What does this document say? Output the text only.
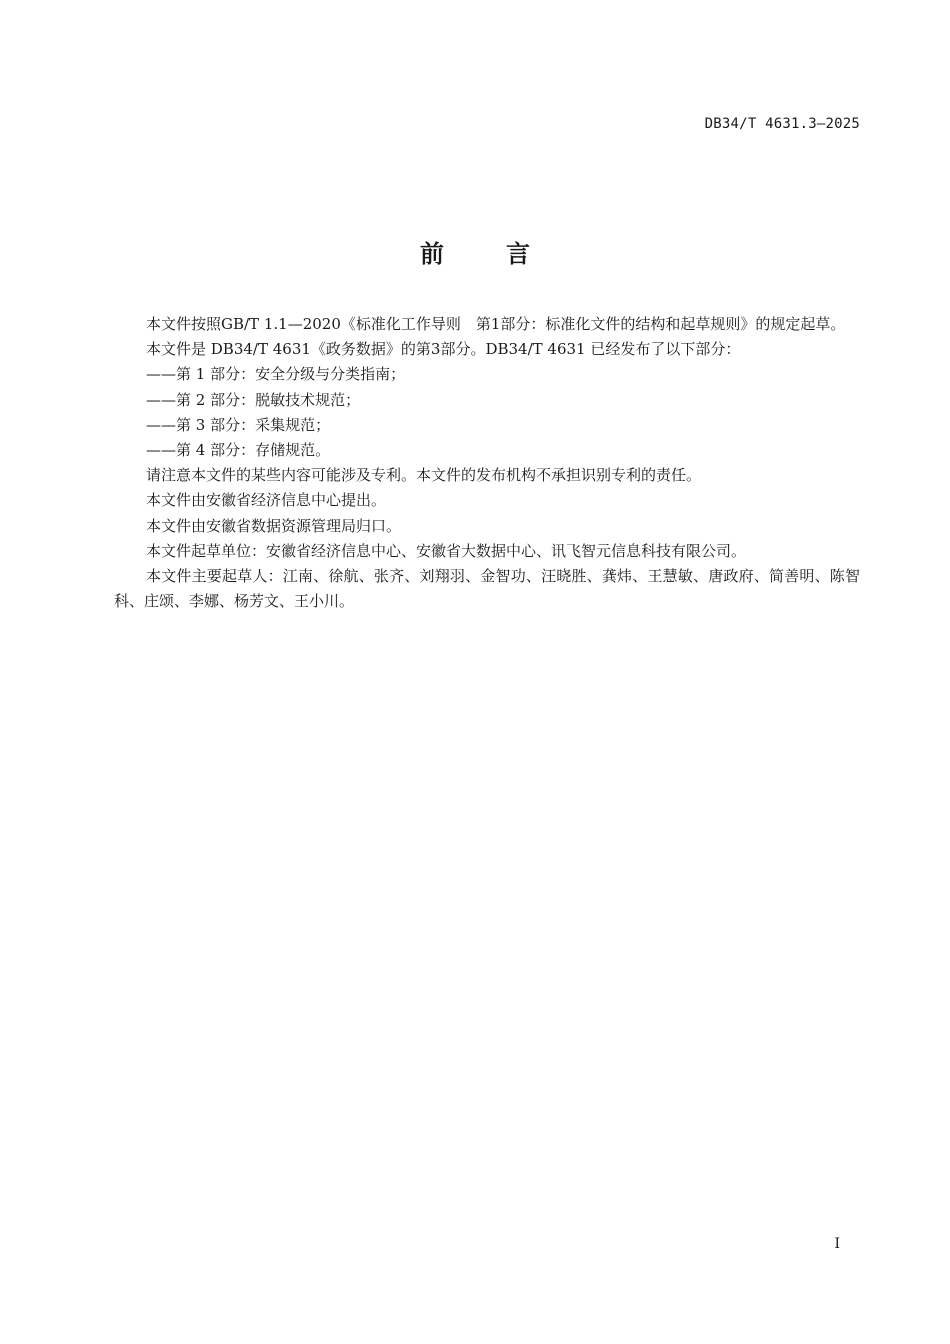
DB34/T 4631.3—2025
前	言

本文件按照GB/T 1.1—2020《标准化工作导则　第1部分：标准化文件的结构和起草规则》的规定起草。

本文件是 DB34/T 4631《政务数据》的第3部分。DB34/T 4631 已经发布了以下部分：

——第 1 部分：安全分级与分类指南；

——第 2 部分：脱敏技术规范；

——第 3 部分：采集规范；

——第 4 部分：存储规范。

请注意本文件的某些内容可能涉及专利。本文件的发布机构不承担识别专利的责任。

本文件由安徽省经济信息中心提出。

本文件由安徽省数据资源管理局归口。

本文件起草单位：安徽省经济信息中心、安徽省大数据中心、讯飞智元信息科技有限公司。

本文件主要起草人：江南、徐航、张齐、刘翔羽、金智功、汪晓胜、龚炜、王慧敏、唐政府、简善明、陈智科、庄颂、李娜、杨芳文、王小川。

I
